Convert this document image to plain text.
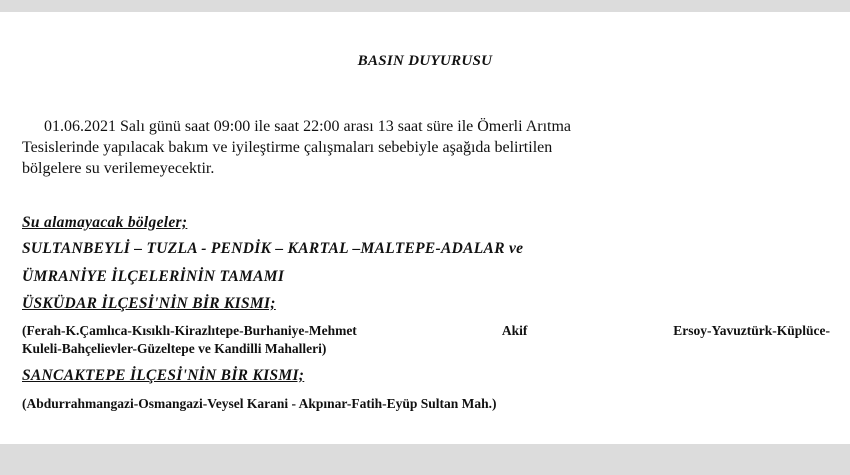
BASIN DUYURUSU
01.06.2021 Salı günü saat 09:00 ile saat 22:00 arası 13 saat süre ile Ömerli Arıtma
Tesislerinde yapılacak bakım ve iyileştirme çalışmaları sebebiyle aşağıda belirtilen
bölgelere su verilemeyecektir.
Su alamayacak bölgeler;
SULTANBEYLİ – TUZLA - PENDİK – KARTAL –MALTEPE-ADALAR ve
ÜMRANİYE İLÇELERİNİN TAMAMI
ÜSKÜDAR İLÇESİ'NİN BİR KISMI;
(Ferah-K.Çamlıca-Kısıklı-Kirazlıtepe-Burhaniye-Mehmet Akif Ersoy-Yavuztürk-Küplüce-
Kuleli-Bahçelievler-Güzeltepe ve Kandilli Mahalleri)
SANCAKTEPE İLÇESİ'NİN BİR KISMI;
(Abdurrahmangazi-Osmangazi-Veysel Karani - Akpınar-Fatih-Eyüp Sultan Mah.)
